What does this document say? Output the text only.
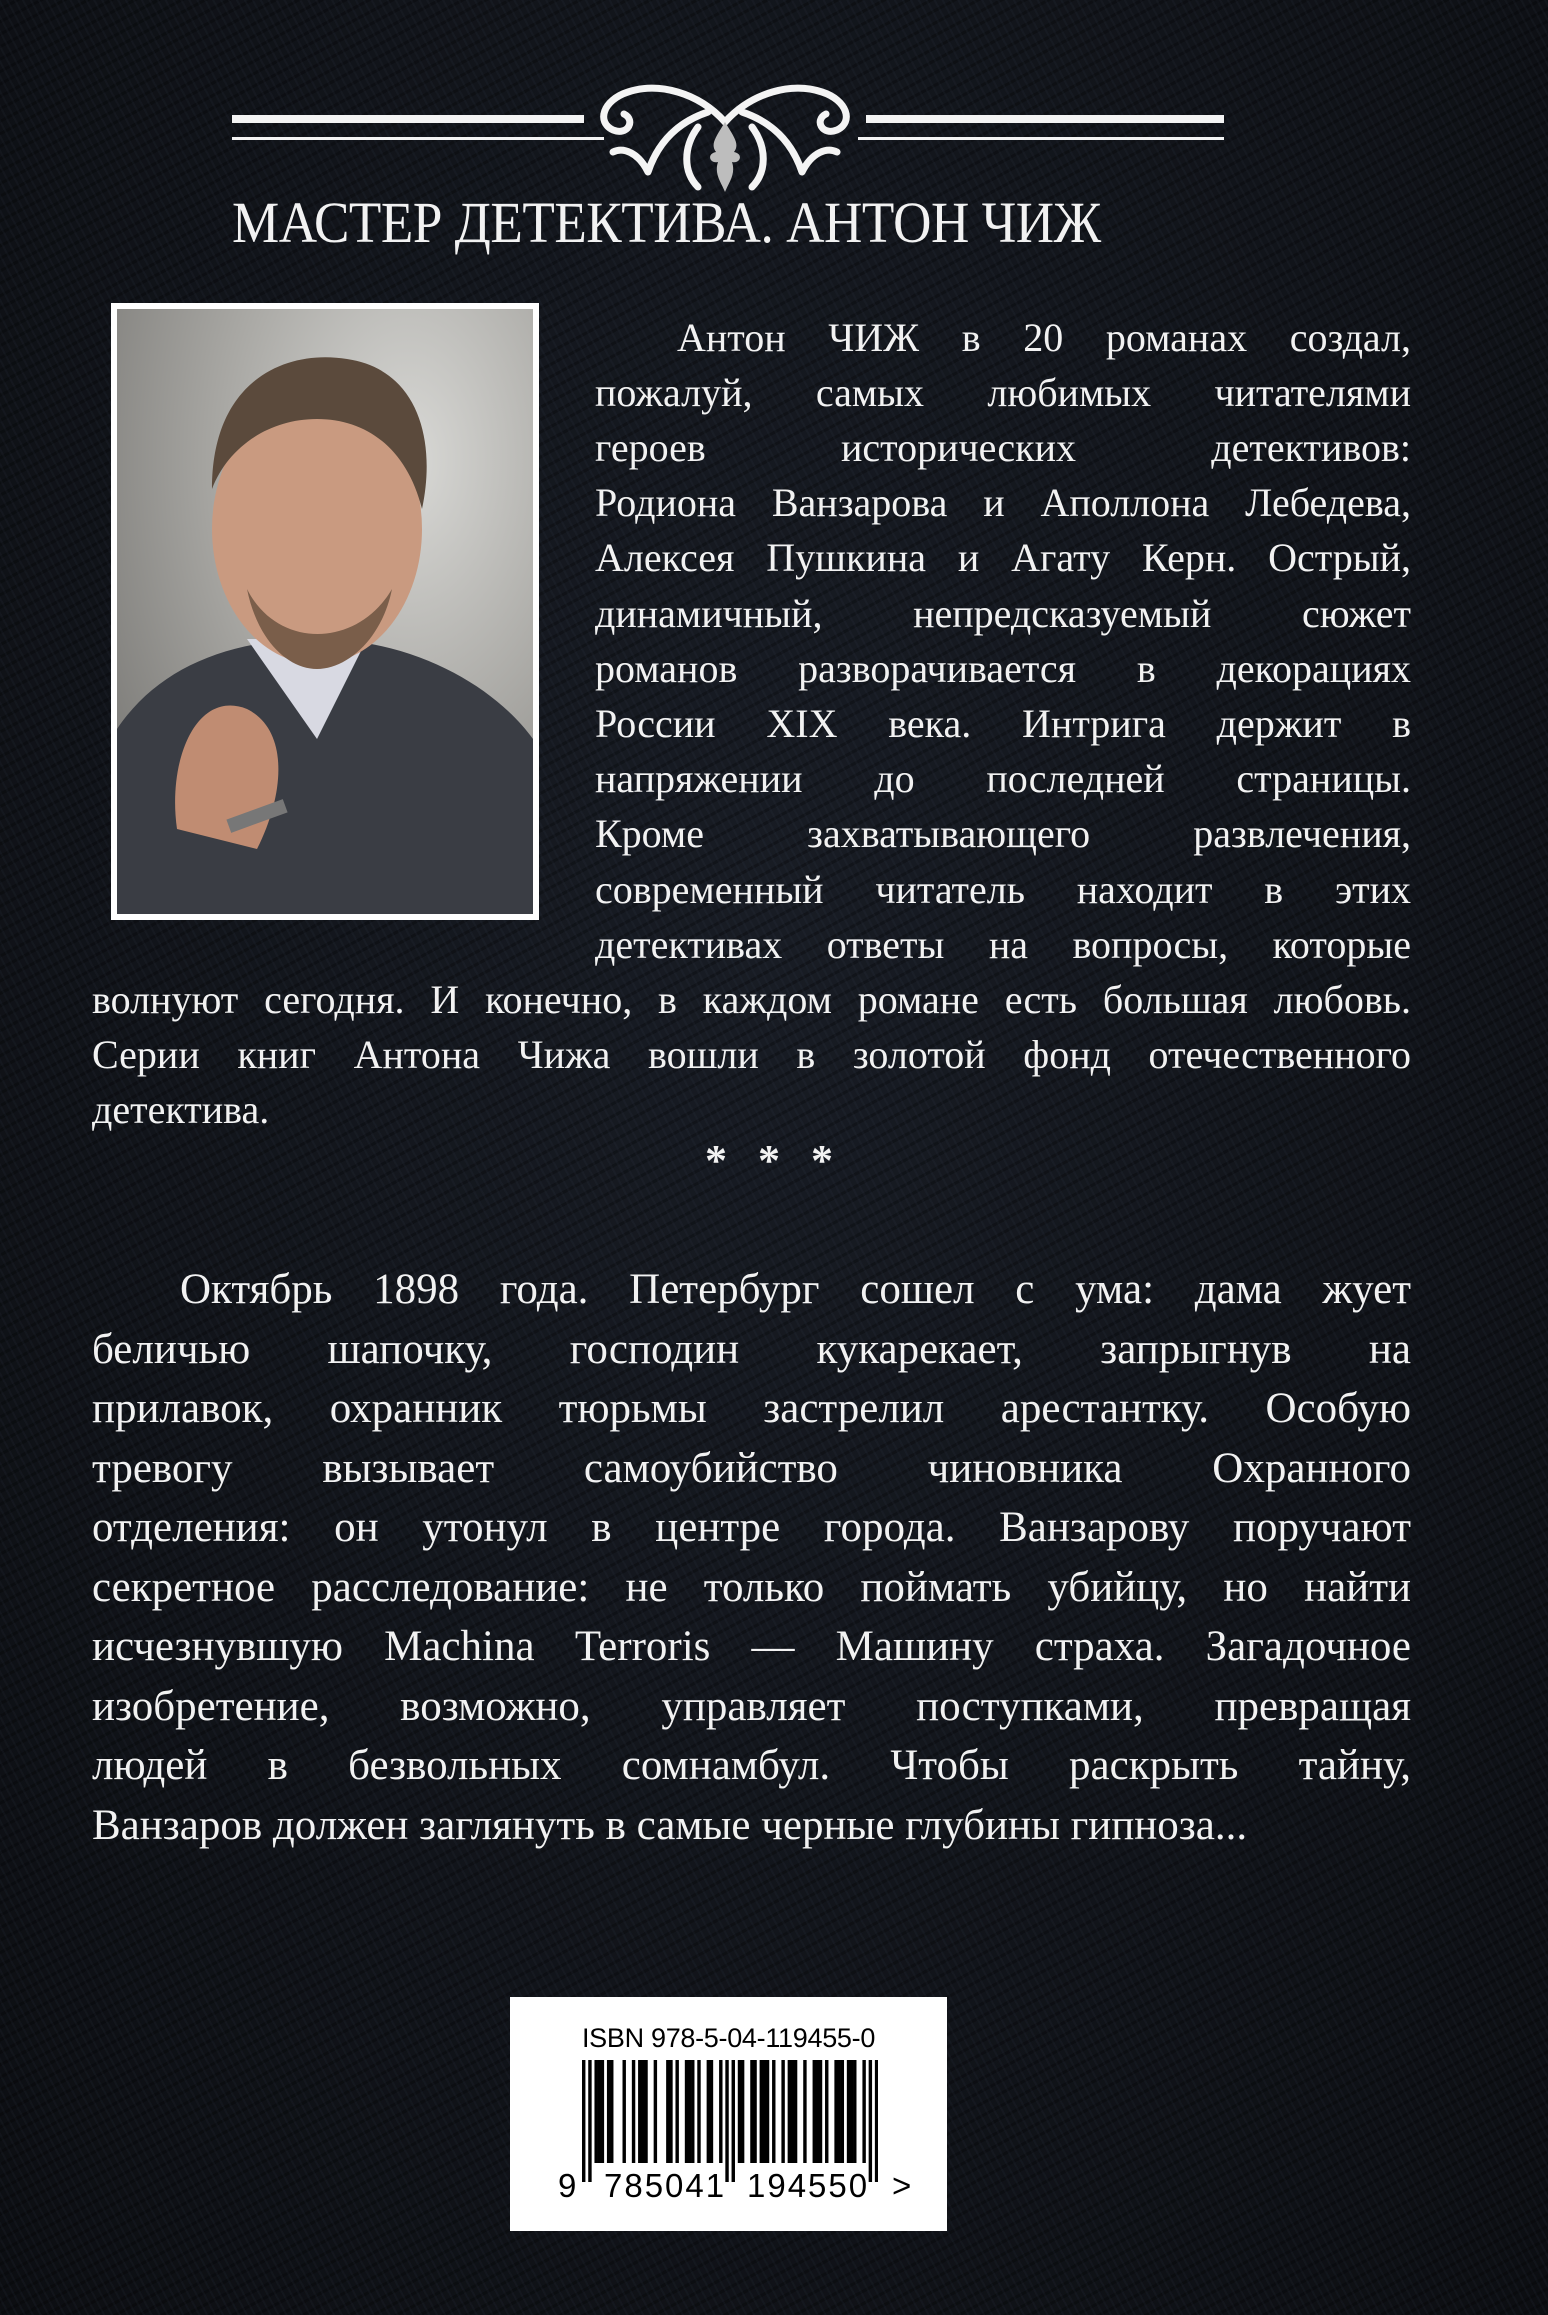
МАСТЕР ДЕТЕКТИВА. АНТОН ЧИЖ
Антон ЧИЖ в 20 романах создал,
пожалуй, самых любимых читателями
героев исторических детективов:
Родиона Ванзарова и Аполлона Лебедева,
Алексея Пушкина и Агату Керн. Острый,
динамичный, непредсказуемый сюжет
романов разворачивается в декорациях
России XIX века. Интрига держит в
напряжении до последней страницы.
Кроме захватывающего развлечения,
современный читатель находит в этих
детективах ответы на вопросы, которые
волнуют сегодня. И конечно, в каждом романе есть большая любовь.
Серии книг Антона Чижа вошли в золотой фонд отечественного
детектива.
* * *
Октябрь 1898 года. Петербург сошел с ума: дама жует
беличью шапочку, господин кукарекает, запрыгнув на
прилавок, охранник тюрьмы застрелил арестантку. Особую
тревогу вызывает самоубийство чиновника Охранного
отделения: он утонул в центре города. Ванзарову поручают
секретное расследование: не только поймать убийцу, но найти
исчезнувшую Machina Terroris — Машину страха. Загадочное
изобретение, возможно, управляет поступками, превращая
людей в безвольных сомнамбул. Чтобы раскрыть тайну,
Ванзаров должен заглянуть в самые черные глубины гипноза...
ISBN 978-5-04-119455-0
9 785041 194550 >
